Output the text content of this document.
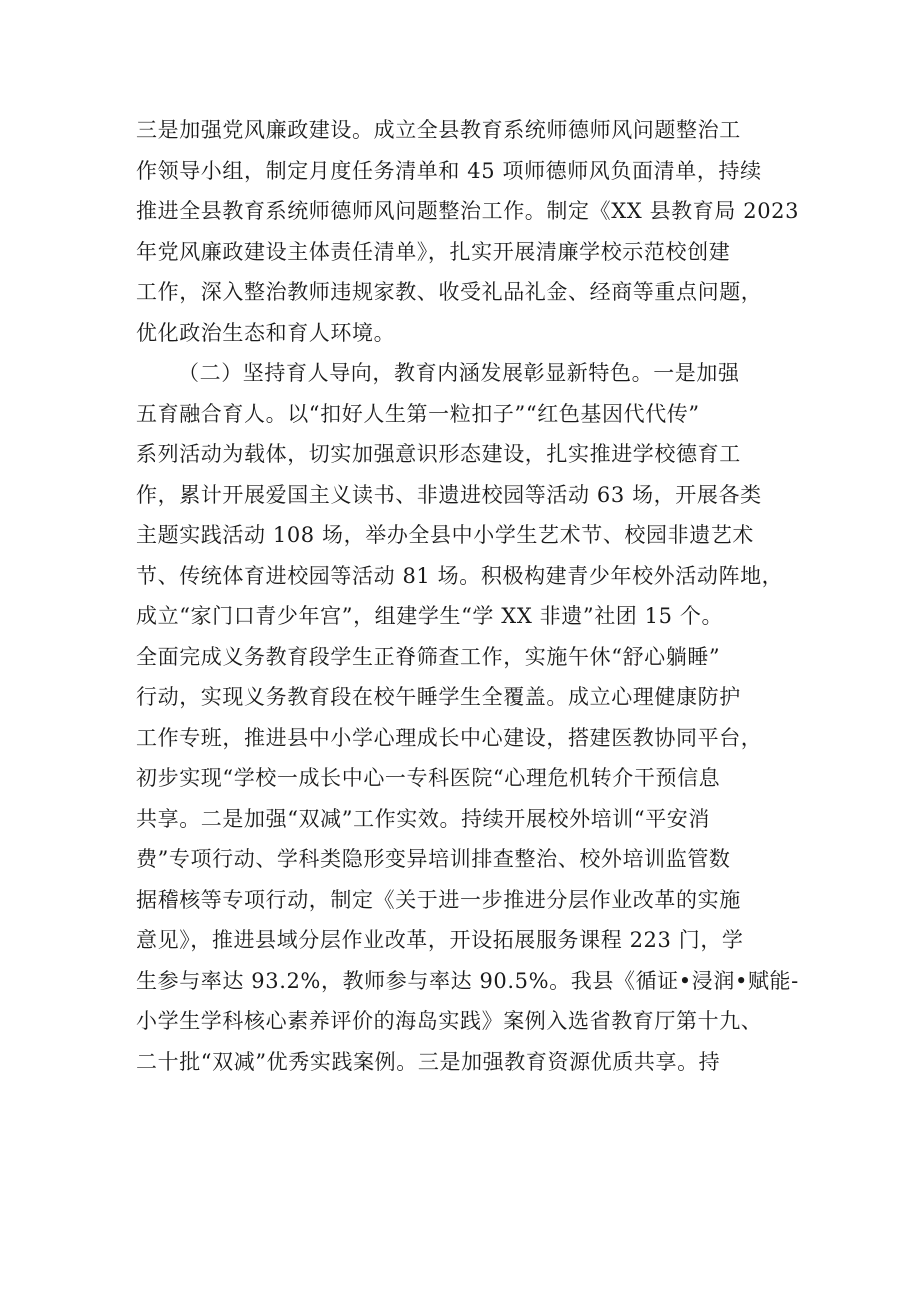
三是加强党风廉政建设。成立全县教育系统师德师风问题整治工
作领导小组，制定月度任务清单和 45 项师德师风负面清单，持续
推进全县教育系统师德师风问题整治工作。制定《XX 县教育局 2023
年党风廉政建设主体责任清单》，扎实开展清廉学校示范校创建
工作，深入整治教师违规家教、收受礼品礼金、经商等重点问题，
优化政治生态和育人环境。
（二）坚持育人导向，教育内涵发展彰显新特色。一是加强
五育融合育人。以“扣好人生第一粒扣子”“红色基因代代传”
系列活动为载体，切实加强意识形态建设，扎实推进学校德育工
作，累计开展爱国主义读书、非遗进校园等活动 63 场，开展各类
主题实践活动 108 场，举办全县中小学生艺术节、校园非遗艺术
节、传统体育进校园等活动 81 场。积极构建青少年校外活动阵地，
成立“家门口青少年宫”，组建学生“学 XX 非遗”社团 15 个。
全面完成义务教育段学生正脊筛查工作，实施午休“舒心躺睡”
行动，实现义务教育段在校午睡学生全覆盖。成立心理健康防护
工作专班，推进县中小学心理成长中心建设，搭建医教协同平台，
初步实现“学校一成长中心一专科医院“心理危机转介干预信息
共享。二是加强“双减”工作实效。持续开展校外培训“平安消
费”专项行动、学科类隐形变异培训排查整治、校外培训监管数
据稽核等专项行动，制定《关于进一步推进分层作业改革的实施
意见》，推进县域分层作业改革，开设拓展服务课程 223 门，学
生参与率达 93.2%，教师参与率达 90.5%。我县《循证•浸润•赋能-
小学生学科核心素养评价的海岛实践》案例入选省教育厅第十九、
二十批“双减”优秀实践案例。三是加强教育资源优质共享。持
